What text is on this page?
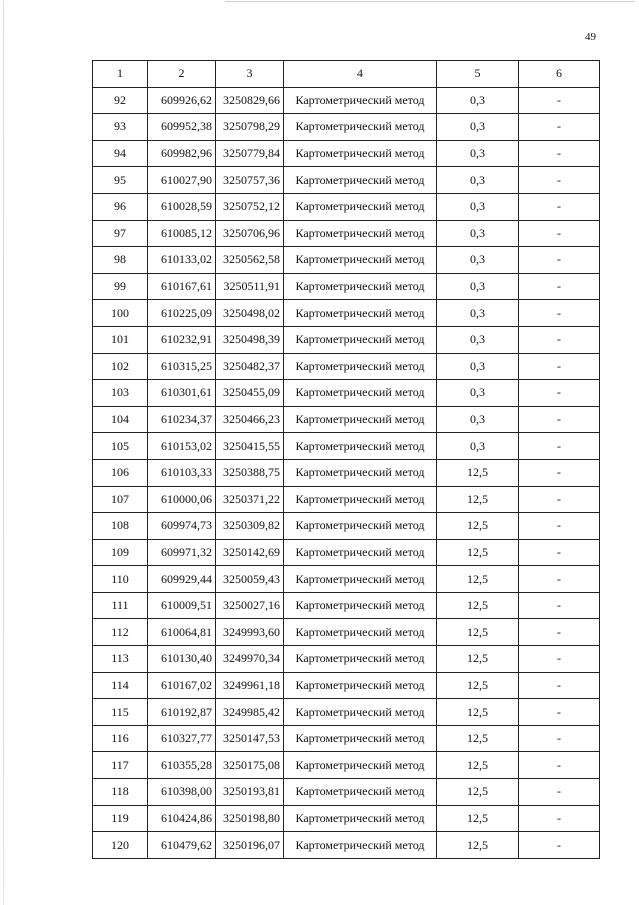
49
1	2	3	4	5	6
92	609926,62	3250829,66	Картометрический метод	0,3	-
93	609952,38	3250798,29	Картометрический метод	0,3	-
94	609982,96	3250779,84	Картометрический метод	0,3	-
95	610027,90	3250757,36	Картометрический метод	0,3	-
96	610028,59	3250752,12	Картометрический метод	0,3	-
97	610085,12	3250706,96	Картометрический метод	0,3	-
98	610133,02	3250562,58	Картометрический метод	0,3	-
99	610167,61	3250511,91	Картометрический метод	0,3	-
100	610225,09	3250498,02	Картометрический метод	0,3	-
101	610232,91	3250498,39	Картометрический метод	0,3	-
102	610315,25	3250482,37	Картометрический метод	0,3	-
103	610301,61	3250455,09	Картометрический метод	0,3	-
104	610234,37	3250466,23	Картометрический метод	0,3	-
105	610153,02	3250415,55	Картометрический метод	0,3	-
106	610103,33	3250388,75	Картометрический метод	12,5	-
107	610000,06	3250371,22	Картометрический метод	12,5	-
108	609974,73	3250309,82	Картометрический метод	12,5	-
109	609971,32	3250142,69	Картометрический метод	12,5	-
110	609929,44	3250059,43	Картометрический метод	12,5	-
111	610009,51	3250027,16	Картометрический метод	12,5	-
112	610064,81	3249993,60	Картометрический метод	12,5	-
113	610130,40	3249970,34	Картометрический метод	12,5	-
114	610167,02	3249961,18	Картометрический метод	12,5	-
115	610192,87	3249985,42	Картометрический метод	12,5	-
116	610327,77	3250147,53	Картометрический метод	12,5	-
117	610355,28	3250175,08	Картометрический метод	12,5	-
118	610398,00	3250193,81	Картометрический метод	12,5	-
119	610424,86	3250198,80	Картометрический метод	12,5	-
120	610479,62	3250196,07	Картометрический метод	12,5	-
